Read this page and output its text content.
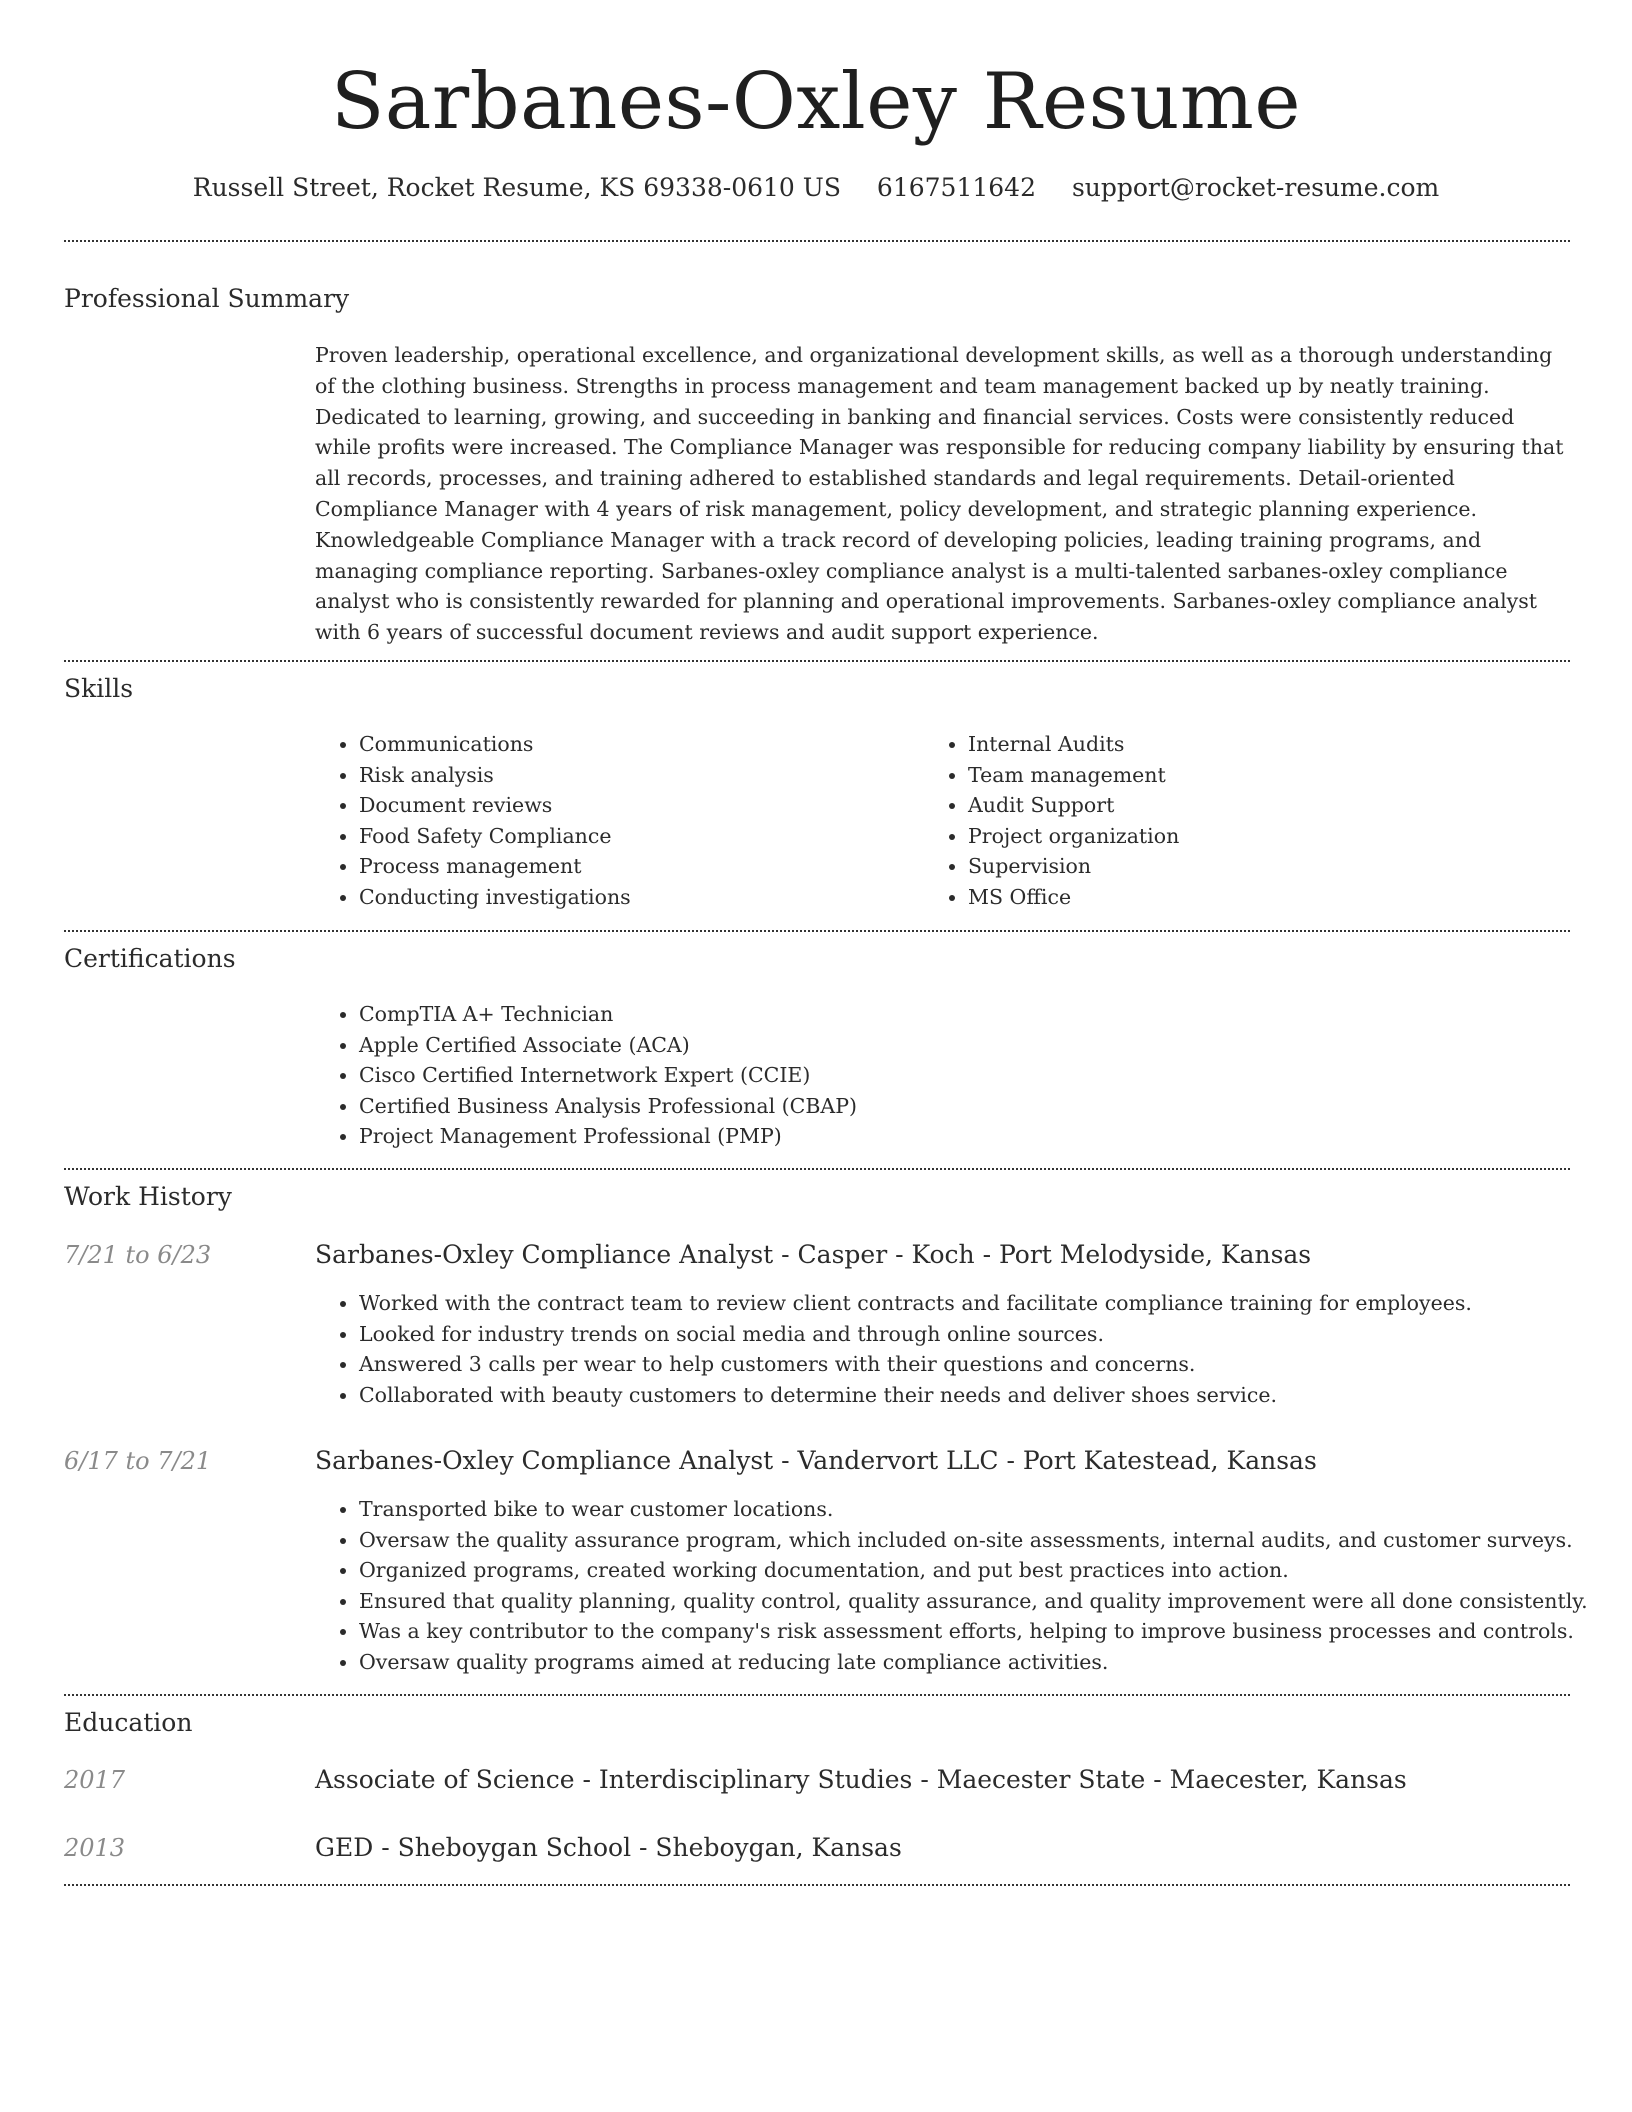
Sarbanes-Oxley Resume
Russell Street, Rocket Resume, KS 69338-0610 US 6167511642 support@rocket-resume.com
Professional Summary
Proven leadership, operational excellence, and organizational development skills, as well as a thorough understanding of the clothing business. Strengths in process management and team management backed up by neatly training. Dedicated to learning, growing, and succeeding in banking and financial services. Costs were consistently reduced while profits were increased. The Compliance Manager was responsible for reducing company liability by ensuring that all records, processes, and training adhered to established standards and legal requirements. Detail-oriented Compliance Manager with 4 years of risk management, policy development, and strategic planning experience. Knowledgeable Compliance Manager with a track record of developing policies, leading training programs, and managing compliance reporting. Sarbanes-oxley compliance analyst is a multi-talented sarbanes-oxley compliance analyst who is consistently rewarded for planning and operational improvements. Sarbanes-oxley compliance analyst with 6 years of successful document reviews and audit support experience.
Skills
• Communications
• Risk analysis
• Document reviews
• Food Safety Compliance
• Process management
• Conducting investigations
• Internal Audits
• Team management
• Audit Support
• Project organization
• Supervision
• MS Office
Certifications
• CompTIA A+ Technician
• Apple Certified Associate (ACA)
• Cisco Certified Internetwork Expert (CCIE)
• Certified Business Analysis Professional (CBAP)
• Project Management Professional (PMP)
Work History
7/21 to 6/23	Sarbanes-Oxley Compliance Analyst - Casper - Koch - Port Melodyside, Kansas
• Worked with the contract team to review client contracts and facilitate compliance training for employees.
• Looked for industry trends on social media and through online sources.
• Answered 3 calls per wear to help customers with their questions and concerns.
• Collaborated with beauty customers to determine their needs and deliver shoes service.
6/17 to 7/21	Sarbanes-Oxley Compliance Analyst - Vandervort LLC - Port Katestead, Kansas
• Transported bike to wear customer locations.
• Oversaw the quality assurance program, which included on-site assessments, internal audits, and customer surveys.
• Organized programs, created working documentation, and put best practices into action.
• Ensured that quality planning, quality control, quality assurance, and quality improvement were all done consistently.
• Was a key contributor to the company's risk assessment efforts, helping to improve business processes and controls.
• Oversaw quality programs aimed at reducing late compliance activities.
Education
2017	Associate of Science - Interdisciplinary Studies - Maecester State - Maecester, Kansas
2013	GED - Sheboygan School - Sheboygan, Kansas
